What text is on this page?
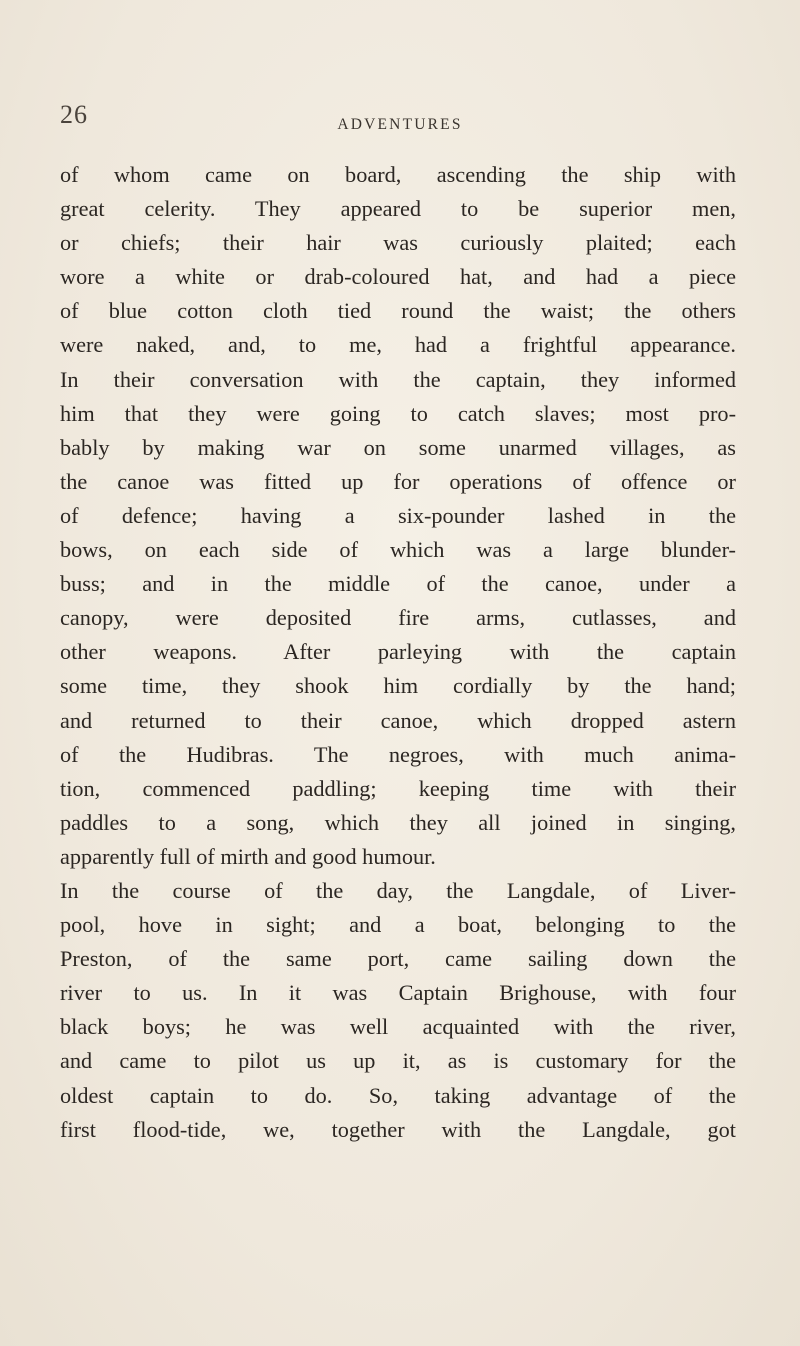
26	ADVENTURES
of whom came on board, ascending the ship with
great celerity. They appeared to be superior men,
or chiefs; their hair was curiously plaited; each
wore a white or drab-coloured hat, and had a piece
of blue cotton cloth tied round the waist; the others
were naked, and, to me, had a frightful appearance.
In their conversation with the captain, they informed
him that they were going to catch slaves; most pro-
bably by making war on some unarmed villages, as
the canoe was fitted up for operations of offence or
of defence; having a six-pounder lashed in the
bows, on each side of which was a large blunder-
buss; and in the middle of the canoe, under a
canopy, were deposited fire arms, cutlasses, and
other weapons. After parleying with the captain
some time, they shook him cordially by the hand;
and returned to their canoe, which dropped astern
of the Hudibras. The negroes, with much anima-
tion, commenced paddling; keeping time with their
paddles to a song, which they all joined in singing,
apparently full of mirth and good humour.
In the course of the day, the Langdale, of Liver-
pool, hove in sight; and a boat, belonging to the
Preston, of the same port, came sailing down the
river to us. In it was Captain Brighouse, with four
black boys; he was well acquainted with the river,
and came to pilot us up it, as is customary for the
oldest captain to do. So, taking advantage of the
first flood-tide, we, together with the Langdale, got
